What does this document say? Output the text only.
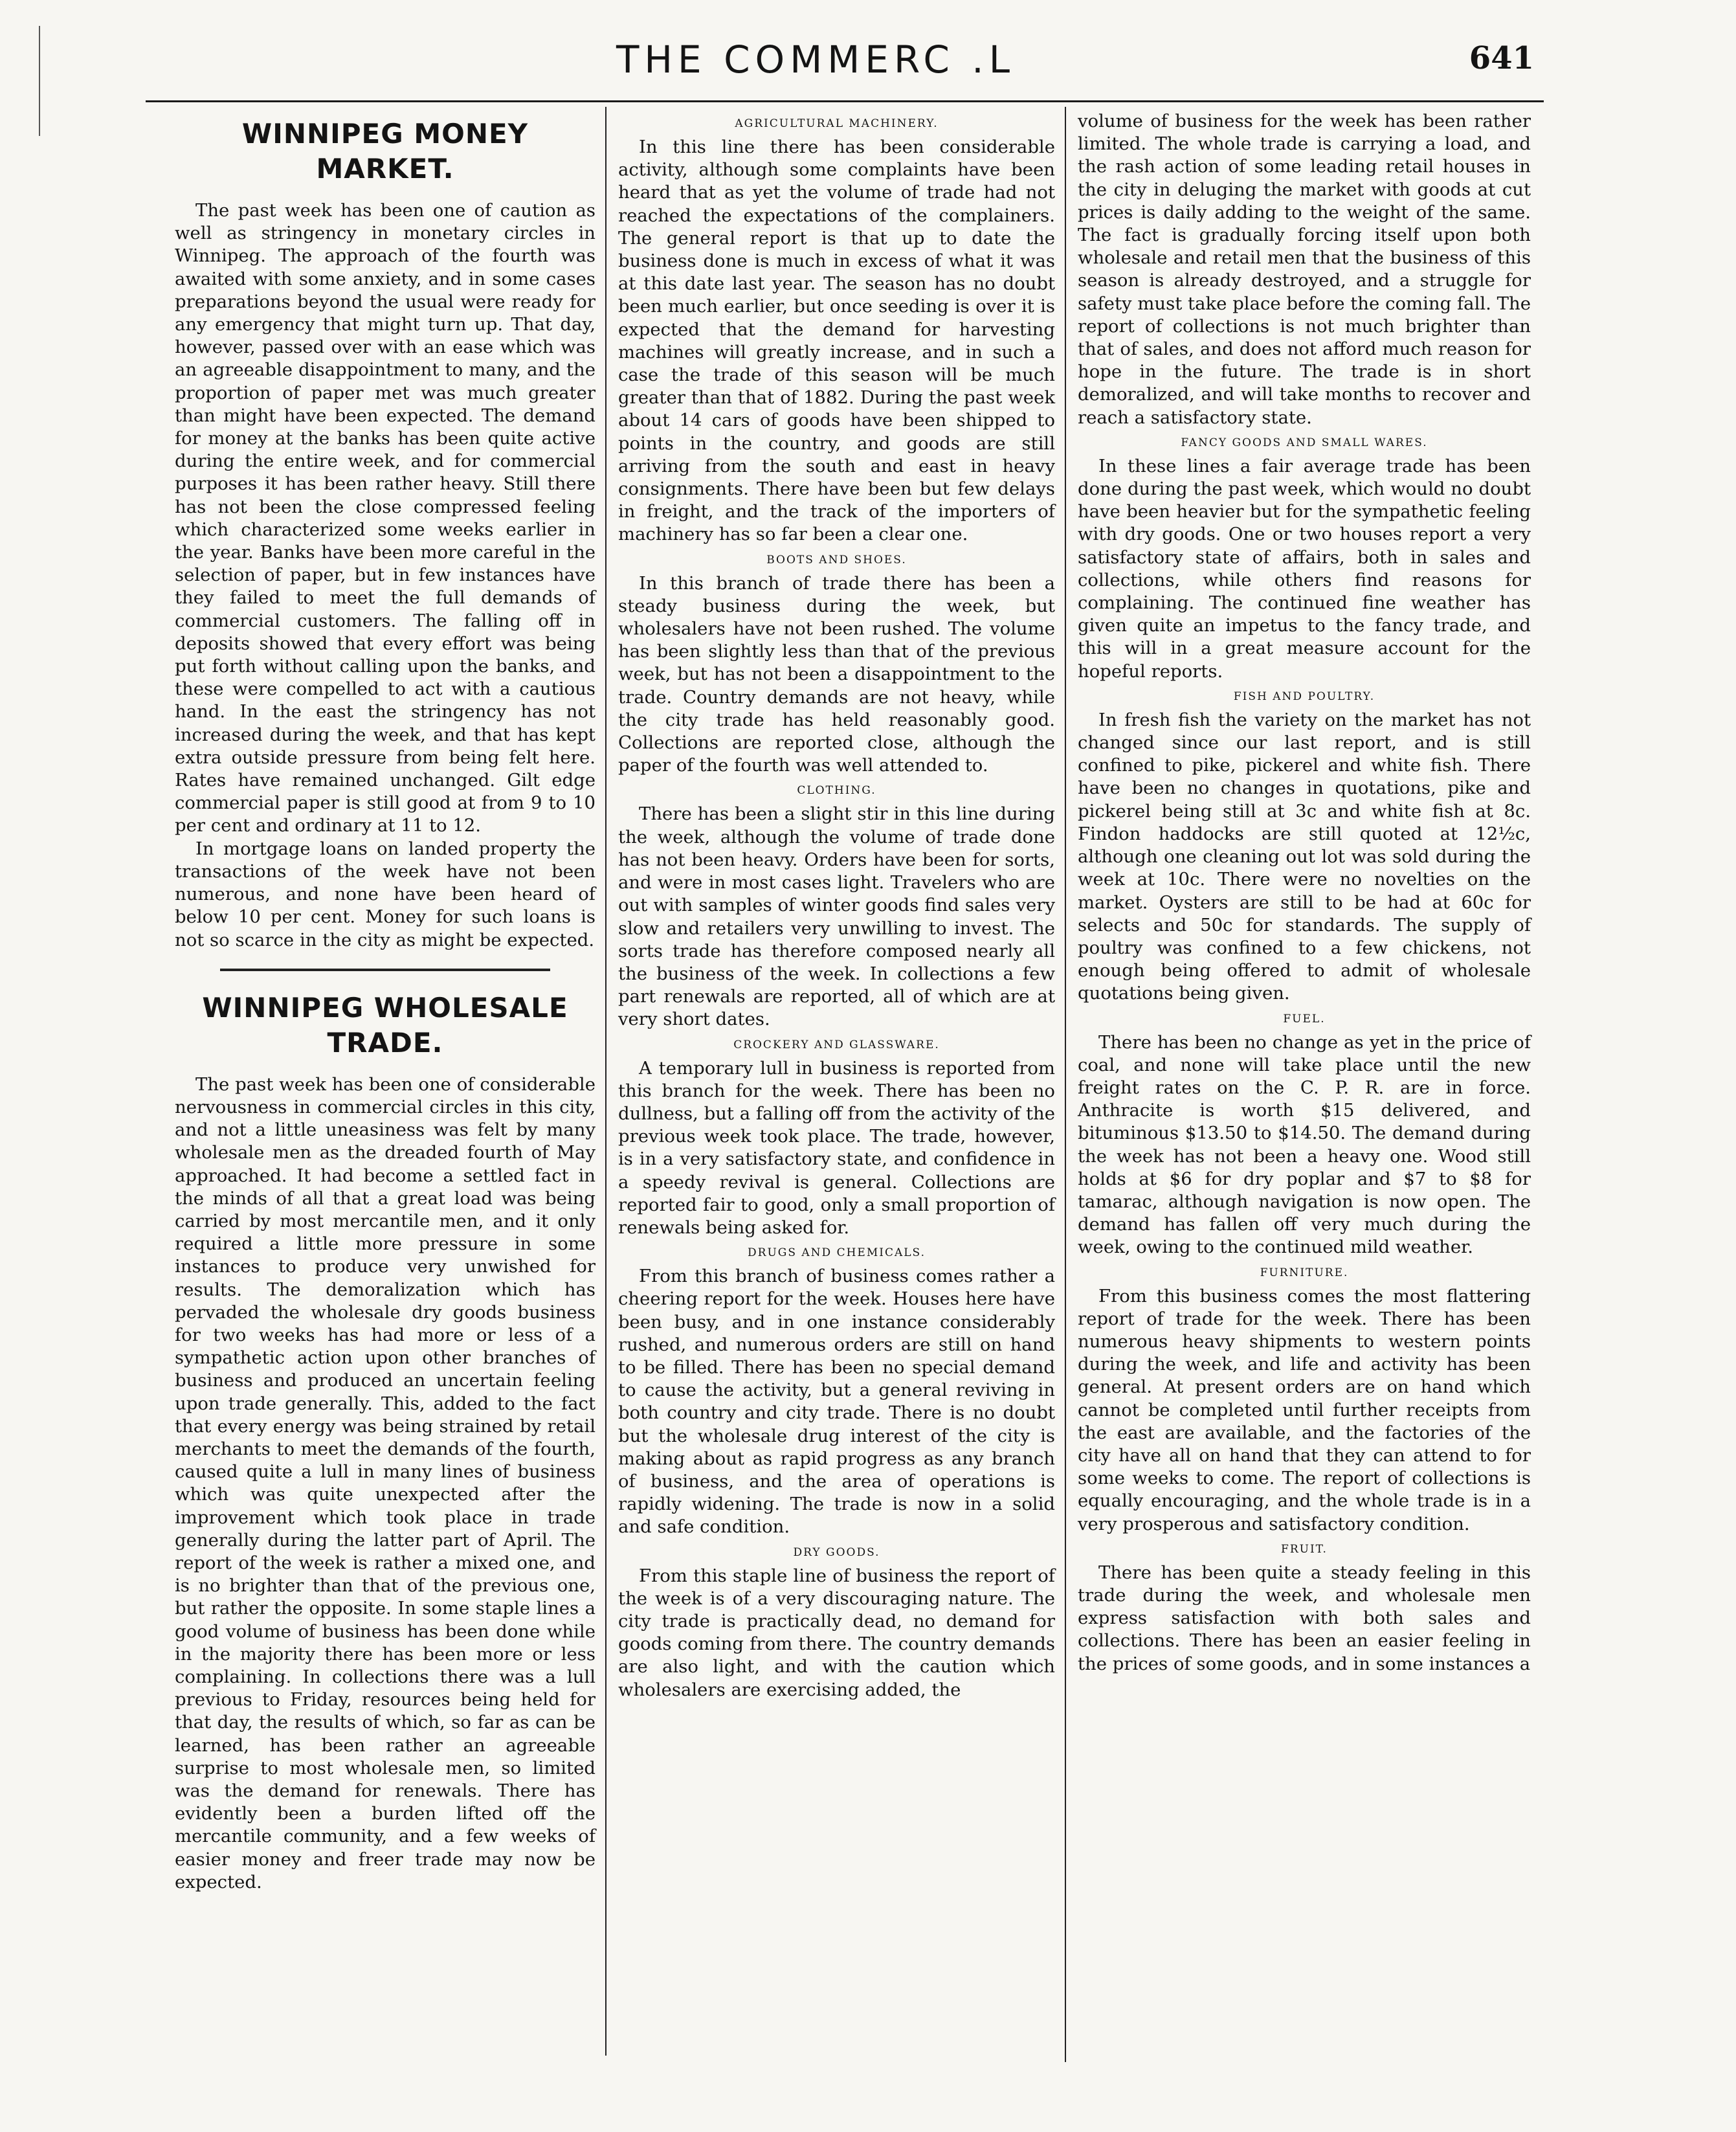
THE COMMERC .L	641
WINNIPEG MONEY MARKET.

The past week has been one of caution as well as stringency in monetary circles in Winnipeg. The approach of the fourth was awaited with some anxiety, and in some cases preparations beyond the usual were ready for any emergency that might turn up. That day, however, passed over with an ease which was an agreeable disappointment to many, and the proportion of paper met was much greater than might have been expected. The demand for money at the banks has been quite active during the entire week, and for commercial purposes it has been rather heavy. Still there has not been the close compressed feeling which characterized some weeks earlier in the year. Banks have been more careful in the selection of paper, but in few instances have they failed to meet the full demands of commercial customers. The falling off in deposits showed that every effort was being put forth without calling upon the banks, and these were compelled to act with a cautious hand. In the east the stringency has not increased during the week, and that has kept extra outside pressure from being felt here. Rates have remained unchanged. Gilt edge commercial paper is still good at from 9 to 10 per cent and ordinary at 11 to 12.

In mortgage loans on landed property the transactions of the week have not been numerous, and none have been heard of below 10 per cent. Money for such loans is not so scarce in the city as might be expected.

WINNIPEG WHOLESALE TRADE.

The past week has been one of considerable nervousness in commercial circles in this city, and not a little uneasiness was felt by many wholesale men as the dreaded fourth of May approached. It had become a settled fact in the minds of all that a great load was being carried by most mercantile men, and it only required a little more pressure in some instances to produce very unwished for results. The demoralization which has pervaded the wholesale dry goods business for two weeks has had more or less of a sympathetic action upon other branches of business and produced an uncertain feeling upon trade generally. This, added to the fact that every energy was being strained by retail merchants to meet the demands of the fourth, caused quite a lull in many lines of business which was quite unexpected after the improvement which took place in trade generally during the latter part of April. The report of the week is rather a mixed one, and is no brighter than that of the previous one, but rather the opposite. In some staple lines a good volume of business has been done while in the majority there has been more or less complaining. In collections there was a lull previous to Friday, resources being held for that day, the results of which, so far as can be learned, has been rather an agreeable surprise to most wholesale men, so limited was the demand for renewals. There has evidently been a burden lifted off the mercantile community, and a few weeks of easier money and freer trade may now be expected.

AGRICULTURAL MACHINERY.

In this line there has been considerable activity, although some complaints have been heard that as yet the volume of trade had not reached the expectations of the complainers. The general report is that up to date the business done is much in excess of what it was at this date last year. The season has no doubt been much earlier, but once seeding is over it is expected that the demand for harvesting machines will greatly increase, and in such a case the trade of this season will be much greater than that of 1882. During the past week about 14 cars of goods have been shipped to points in the country, and goods are still arriving from the south and east in heavy consignments. There have been but few delays in freight, and the track of the importers of machinery has so far been a clear one.

BOOTS AND SHOES.

In this branch of trade there has been a steady business during the week, but wholesalers have not been rushed. The volume has been slightly less than that of the previous week, but has not been a disappointment to the trade. Country demands are not heavy, while the city trade has held reasonably good. Collections are reported close, although the paper of the fourth was well attended to.

CLOTHING.

There has been a slight stir in this line during the week, although the volume of trade done has not been heavy. Orders have been for sorts, and were in most cases light. Travelers who are out with samples of winter goods find sales very slow and retailers very unwilling to invest. The sorts trade has therefore composed nearly all the business of the week. In collections a few part renewals are reported, all of which are at very short dates.

CROCKERY AND GLASSWARE.

A temporary lull in business is reported from this branch for the week. There has been no dullness, but a falling off from the activity of the previous week took place. The trade, however, is in a very satisfactory state, and confidence in a speedy revival is general. Collections are reported fair to good, only a small proportion of renewals being asked for.

DRUGS AND CHEMICALS.

From this branch of business comes rather a cheering report for the week. Houses here have been busy, and in one instance considerably rushed, and numerous orders are still on hand to be filled. There has been no special demand to cause the activity, but a general reviving in both country and city trade. There is no doubt but the wholesale drug interest of the city is making about as rapid progress as any branch of business, and the area of operations is rapidly widening. The trade is now in a solid and safe condition.

DRY GOODS.

From this staple line of business the report of the week is of a very discouraging nature. The city trade is practically dead, no demand for goods coming from there. The country demands are also light, and with the caution which wholesalers are exercising added, the

volume of business for the week has been rather limited. The whole trade is carrying a load, and the rash action of some leading retail houses in the city in deluging the market with goods at cut prices is daily adding to the weight of the same. The fact is gradually forcing itself upon both wholesale and retail men that the business of this season is already destroyed, and a struggle for safety must take place before the coming fall. The report of collections is not much brighter than that of sales, and does not afford much reason for hope in the future. The trade is in short demoralized, and will take months to recover and reach a satisfactory state.

FANCY GOODS AND SMALL WARES.

In these lines a fair average trade has been done during the past week, which would no doubt have been heavier but for the sympathetic feeling with dry goods. One or two houses report a very satisfactory state of affairs, both in sales and collections, while others find reasons for complaining. The continued fine weather has given quite an impetus to the fancy trade, and this will in a great measure account for the hopeful reports.

FISH AND POULTRY.

In fresh fish the variety on the market has not changed since our last report, and is still confined to pike, pickerel and white fish. There have been no changes in quotations, pike and pickerel being still at 3c and white fish at 8c. Findon haddocks are still quoted at 12½c, although one cleaning out lot was sold during the week at 10c. There were no novelties on the market. Oysters are still to be had at 60c for selects and 50c for standards. The supply of poultry was confined to a few chickens, not enough being offered to admit of wholesale quotations being given.

FUEL.

There has been no change as yet in the price of coal, and none will take place until the new freight rates on the C. P. R. are in force. Anthracite is worth $15 delivered, and bituminous $13.50 to $14.50. The demand during the week has not been a heavy one. Wood still holds at $6 for dry poplar and $7 to $8 for tamarac, although navigation is now open. The demand has fallen off very much during the week, owing to the continued mild weather.

FURNITURE.

From this business comes the most flattering report of trade for the week. There has been numerous heavy shipments to western points during the week, and life and activity has been general. At present orders are on hand which cannot be completed until further receipts from the east are available, and the factories of the city have all on hand that they can attend to for some weeks to come. The report of collections is equally encouraging, and the whole trade is in a very prosperous and satisfactory condition.

FRUIT.

There has been quite a steady feeling in this trade during the week, and wholesale men express satisfaction with both sales and collections. There has been an easier feeling in the prices of some goods, and in some instances a
